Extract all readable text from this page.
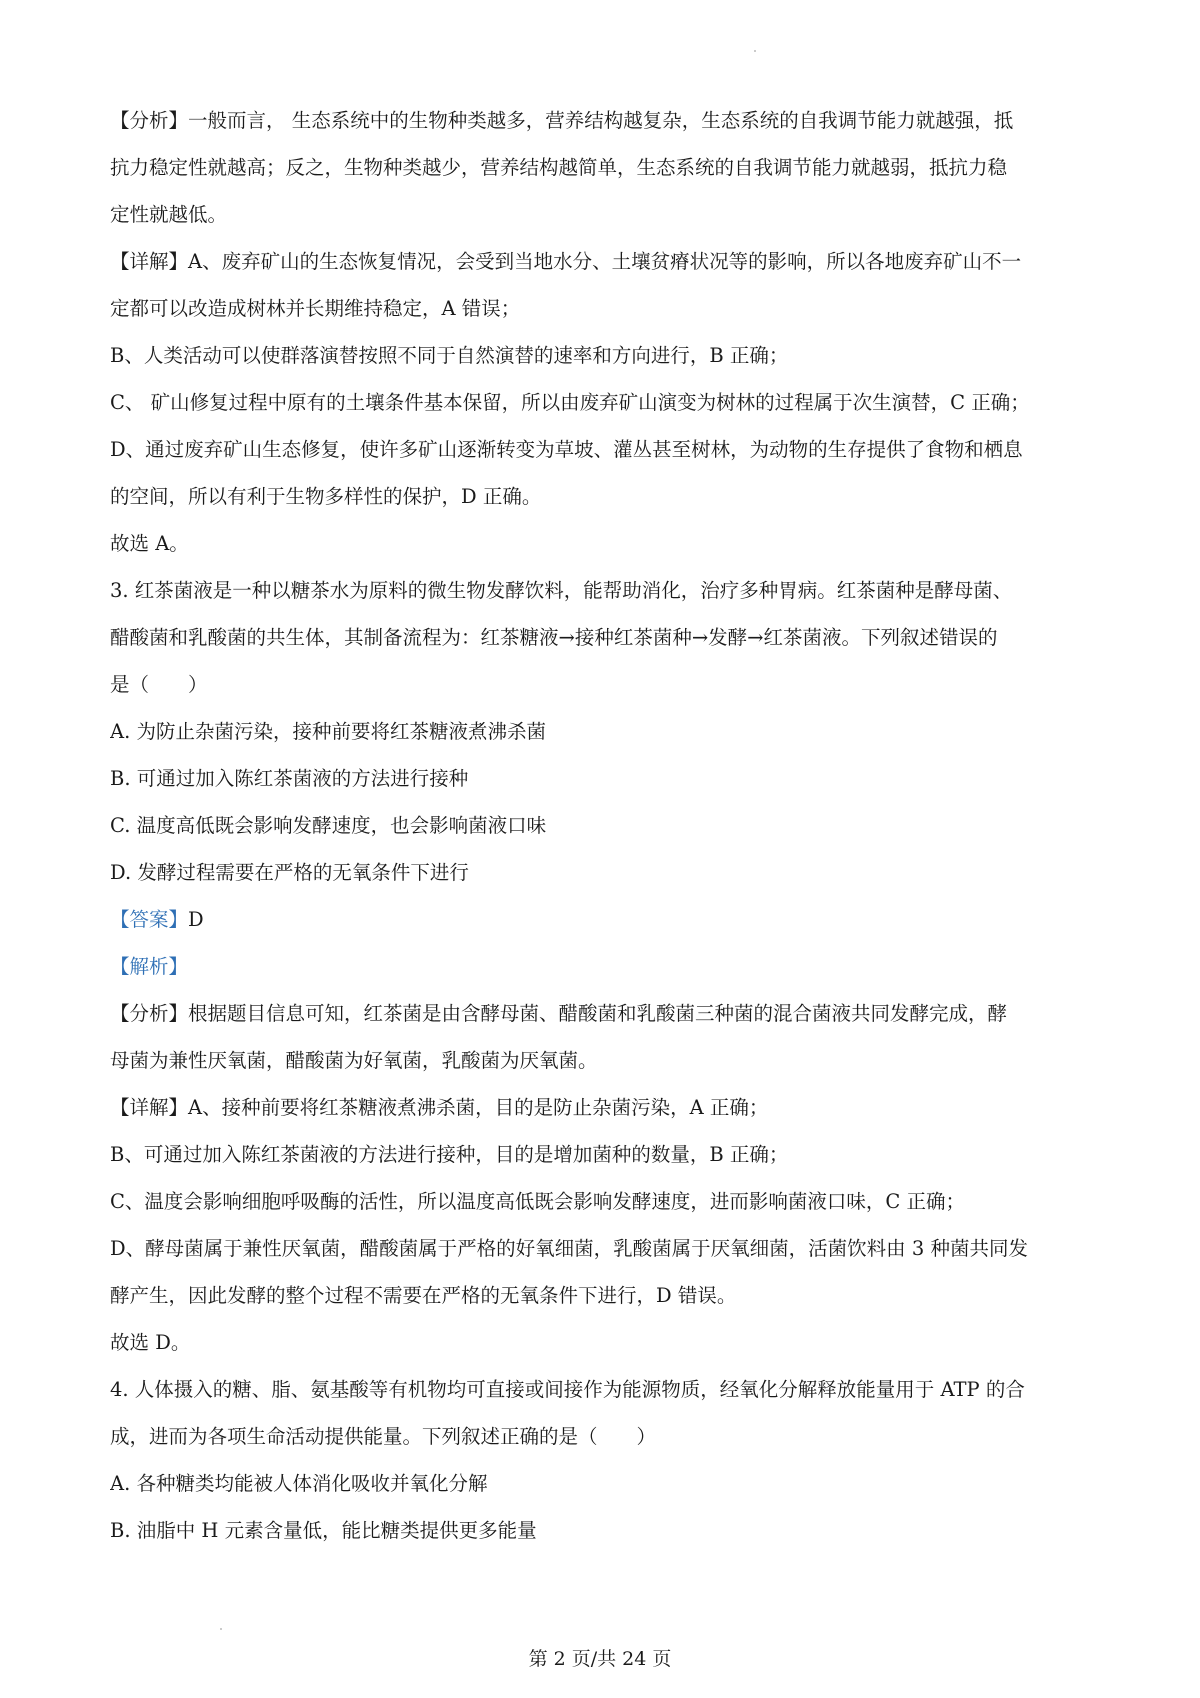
【分析】一般而言， 生态系统中的生物种类越多，营养结构越复杂，生态系统的自我调节能力就越强，抵
抗力稳定性就越高；反之，生物种类越少，营养结构越简单，生态系统的自我调节能力就越弱，抵抗力稳
定性就越低。
【详解】A、废弃矿山的生态恢复情况，会受到当地水分、土壤贫瘠状况等的影响，所以各地废弃矿山不一
定都可以改造成树林并长期维持稳定，A 错误；
B、人类活动可以使群落演替按照不同于自然演替的速率和方向进行，B 正确；
C、 矿山修复过程中原有的土壤条件基本保留，所以由废弃矿山演变为树林的过程属于次生演替，C 正确；
D、通过废弃矿山生态修复，使许多矿山逐渐转变为草坡、灌丛甚至树林，为动物的生存提供了食物和栖息
的空间，所以有利于生物多样性的保护，D 正确。
故选 A。
3. 红茶菌液是一种以糖茶水为原料的微生物发酵饮料，能帮助消化，治疗多种胃病。红茶菌种是酵母菌、
醋酸菌和乳酸菌的共生体，其制备流程为：红茶糖液→接种红茶菌种→发酵→红茶菌液。下列叙述错误的
是（　　）
A. 为防止杂菌污染，接种前要将红茶糖液煮沸杀菌
B. 可通过加入陈红茶菌液的方法进行接种
C. 温度高低既会影响发酵速度，也会影响菌液口味
D. 发酵过程需要在严格的无氧条件下进行
【答案】D
【解析】
【分析】根据题目信息可知，红茶菌是由含酵母菌、醋酸菌和乳酸菌三种菌的混合菌液共同发酵完成，酵
母菌为兼性厌氧菌，醋酸菌为好氧菌，乳酸菌为厌氧菌。
【详解】A、接种前要将红茶糖液煮沸杀菌，目的是防止杂菌污染，A 正确；
B、可通过加入陈红茶菌液的方法进行接种，目的是增加菌种的数量，B 正确；
C、温度会影响细胞呼吸酶的活性，所以温度高低既会影响发酵速度，进而影响菌液口味，C 正确；
D、酵母菌属于兼性厌氧菌，醋酸菌属于严格的好氧细菌，乳酸菌属于厌氧细菌，活菌饮料由 3 种菌共同发
酵产生，因此发酵的整个过程不需要在严格的无氧条件下进行，D 错误。
故选 D。
4. 人体摄入的糖、脂、氨基酸等有机物均可直接或间接作为能源物质，经氧化分解释放能量用于 ATP 的合
成，进而为各项生命活动提供能量。下列叙述正确的是（　　）
A. 各种糖类均能被人体消化吸收并氧化分解
B. 油脂中 H 元素含量低，能比糖类提供更多能量
第 2 页/共 24 页
